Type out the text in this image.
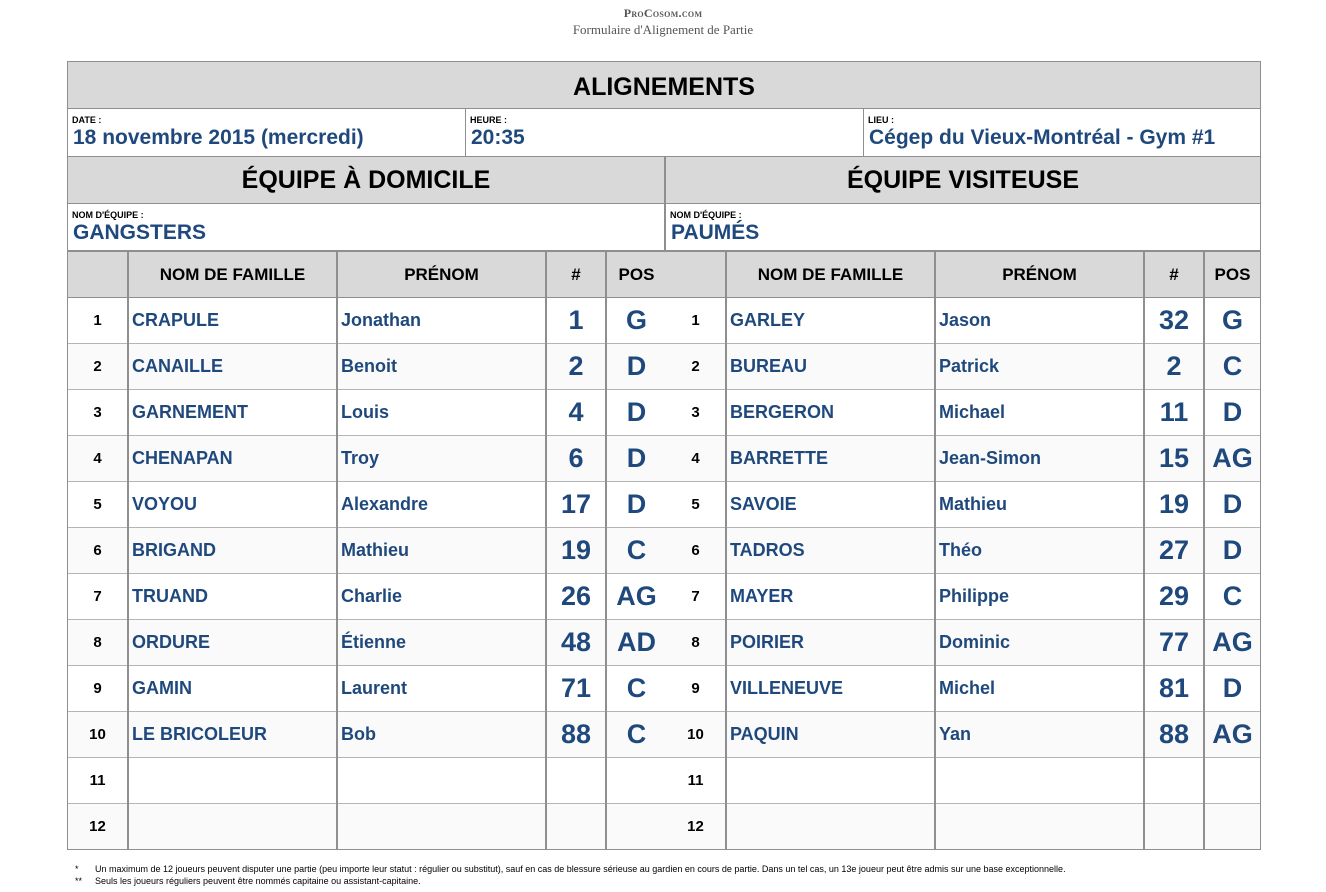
ProCosom.com
Formulaire d'Alignement de Partie
ALIGNEMENTS
DATE :
18 novembre 2015 (mercredi)
HEURE :
20:35
LIEU :
Cégep du Vieux-Montréal - Gym #1
ÉQUIPE À DOMICILE
NOM D'ÉQUIPE :
GANGSTERS
	NOM DE FAMILLE	PRÉNOM	#	POS
1	CRAPULE	Jonathan	1	G
2	CANAILLE	Benoit	2	D
3	GARNEMENT	Louis	4	D
4	CHENAPAN	Troy	6	D
5	VOYOU	Alexandre	17	D
6	BRIGAND	Mathieu	19	C
7	TRUAND	Charlie	26	AG
8	ORDURE	Étienne	48	AD
9	GAMIN	Laurent	71	C
10	LE BRICOLEUR	Bob	88	C
11				
12				
ÉQUIPE VISITEUSE
NOM D'ÉQUIPE :
PAUMÉS
	NOM DE FAMILLE	PRÉNOM	#	POS
1	GARLEY	Jason	32	G
2	BUREAU	Patrick	2	C
3	BERGERON	Michael	11	D
4	BARRETTE	Jean-Simon	15	AG
5	SAVOIE	Mathieu	19	D
6	TADROS	Théo	27	D
7	MAYER	Philippe	29	C
8	POIRIER	Dominic	77	AG
9	VILLENEUVE	Michel	81	D
10	PAQUIN	Yan	88	AG
11				
12				
* Un maximum de 12 joueurs peuvent disputer une partie (peu importe leur statut : régulier ou substitut), sauf en cas de blessure sérieuse au gardien en cours de partie. Dans un tel cas, un 13e joueur peut être admis sur une base exceptionnelle.
** Seuls les joueurs réguliers peuvent être nommés capitaine ou assistant-capitaine.
